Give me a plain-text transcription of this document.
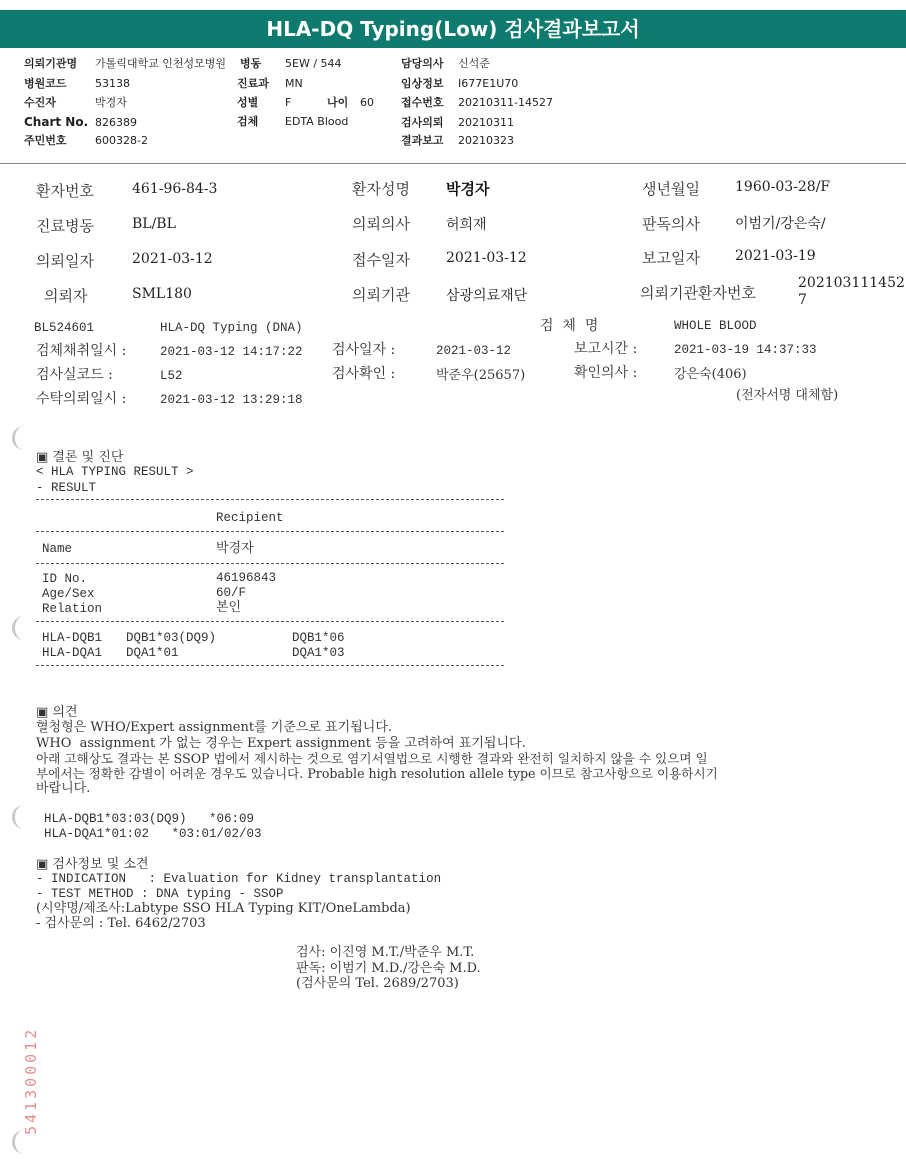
HLA-DQ Typing(Low) 검사결과보고서
의뢰기관명 가톨릭대학교 인천성모병원 병동 5EW / 544	담당의사 신석준
병원코드	53138	진료과 MN	임상정보 I677E1U70
수진자	박경자	성별 F	나이 60 접수번호 20210311-14527
Chart No. 826389	검체 EDTA Blood	검사의뢰 20210311
주민번호	600328-2	결과보고 20210323
환자번호	461-96-84-3	환자성명 박경자	생년월일	1960-03-28/F
진료병동	BL/BL	의뢰의사	허희재	판독의사	이범기/강은숙/
의뢰일자	2021-03-12	접수일자	2021-03-12	보고일자	2021-03-19
의뢰자	SML180	의뢰기관	삼광의료재단	의뢰기관환자번호
202103111452
7
BL524601	HLA-DQ Typing (DNA)	검  체  명	WHOLE BLOOD
검체채취일시 :	2021-03-12 14:17:22 검사일자 :	2021-03-12	보고시간 :	2021-03-19 14:37:33
검사실코드 :	L52	검사확인 :	박준우(25657)	확인의사 :	강은숙(406)
수탁의뢰일시 :	2021-03-12 13:29:18	(전자서명 대체함)
▣ 결론 및 진단
< HLA TYPING RESULT >
- RESULT
Recipient
Name	박경자
ID No.	46196843
Age/Sex	60/F
Relation	본인
HLA-DQB1 DQB1*03(DQ9)	DQB1*06
HLA-DQA1 DQA1*01	DQA1*03
▣ 의견
혈청형은 WHO/Expert assignment를 기준으로 표기됩니다.
WHO  assignment 가 없는 경우는 Expert assignment 등을 고려하여 표기됩니다.
아래 고해상도 결과는 본 SSOP 법에서 제시하는 것으로 염기서열법으로 시행한 결과와 완전히 일치하지 않을 수 있으며 일
부에서는 정확한 감별이 어려운 경우도 있습니다. Probable high resolution allele type 이므로 참고사항으로 이용하시기
바랍니다.
HLA-DQB1*03:03(DQ9)   *06:09
HLA-DQA1*01:02   *03:01/02/03
▣ 검사정보 및 소견
- INDICATION   : Evaluation for Kidney transplantation
- TEST METHOD : DNA typing - SSOP
(시약명/제조사:Labtype SSO HLA Typing KIT/OneLambda)
- 검사문의 : Tel. 6462/2703
검사: 이진영 M.T./박준우 M.T.
판독: 이범기 M.D./강은숙 M.D.
(검사문의 Tel. 2689/2703)
541300012
